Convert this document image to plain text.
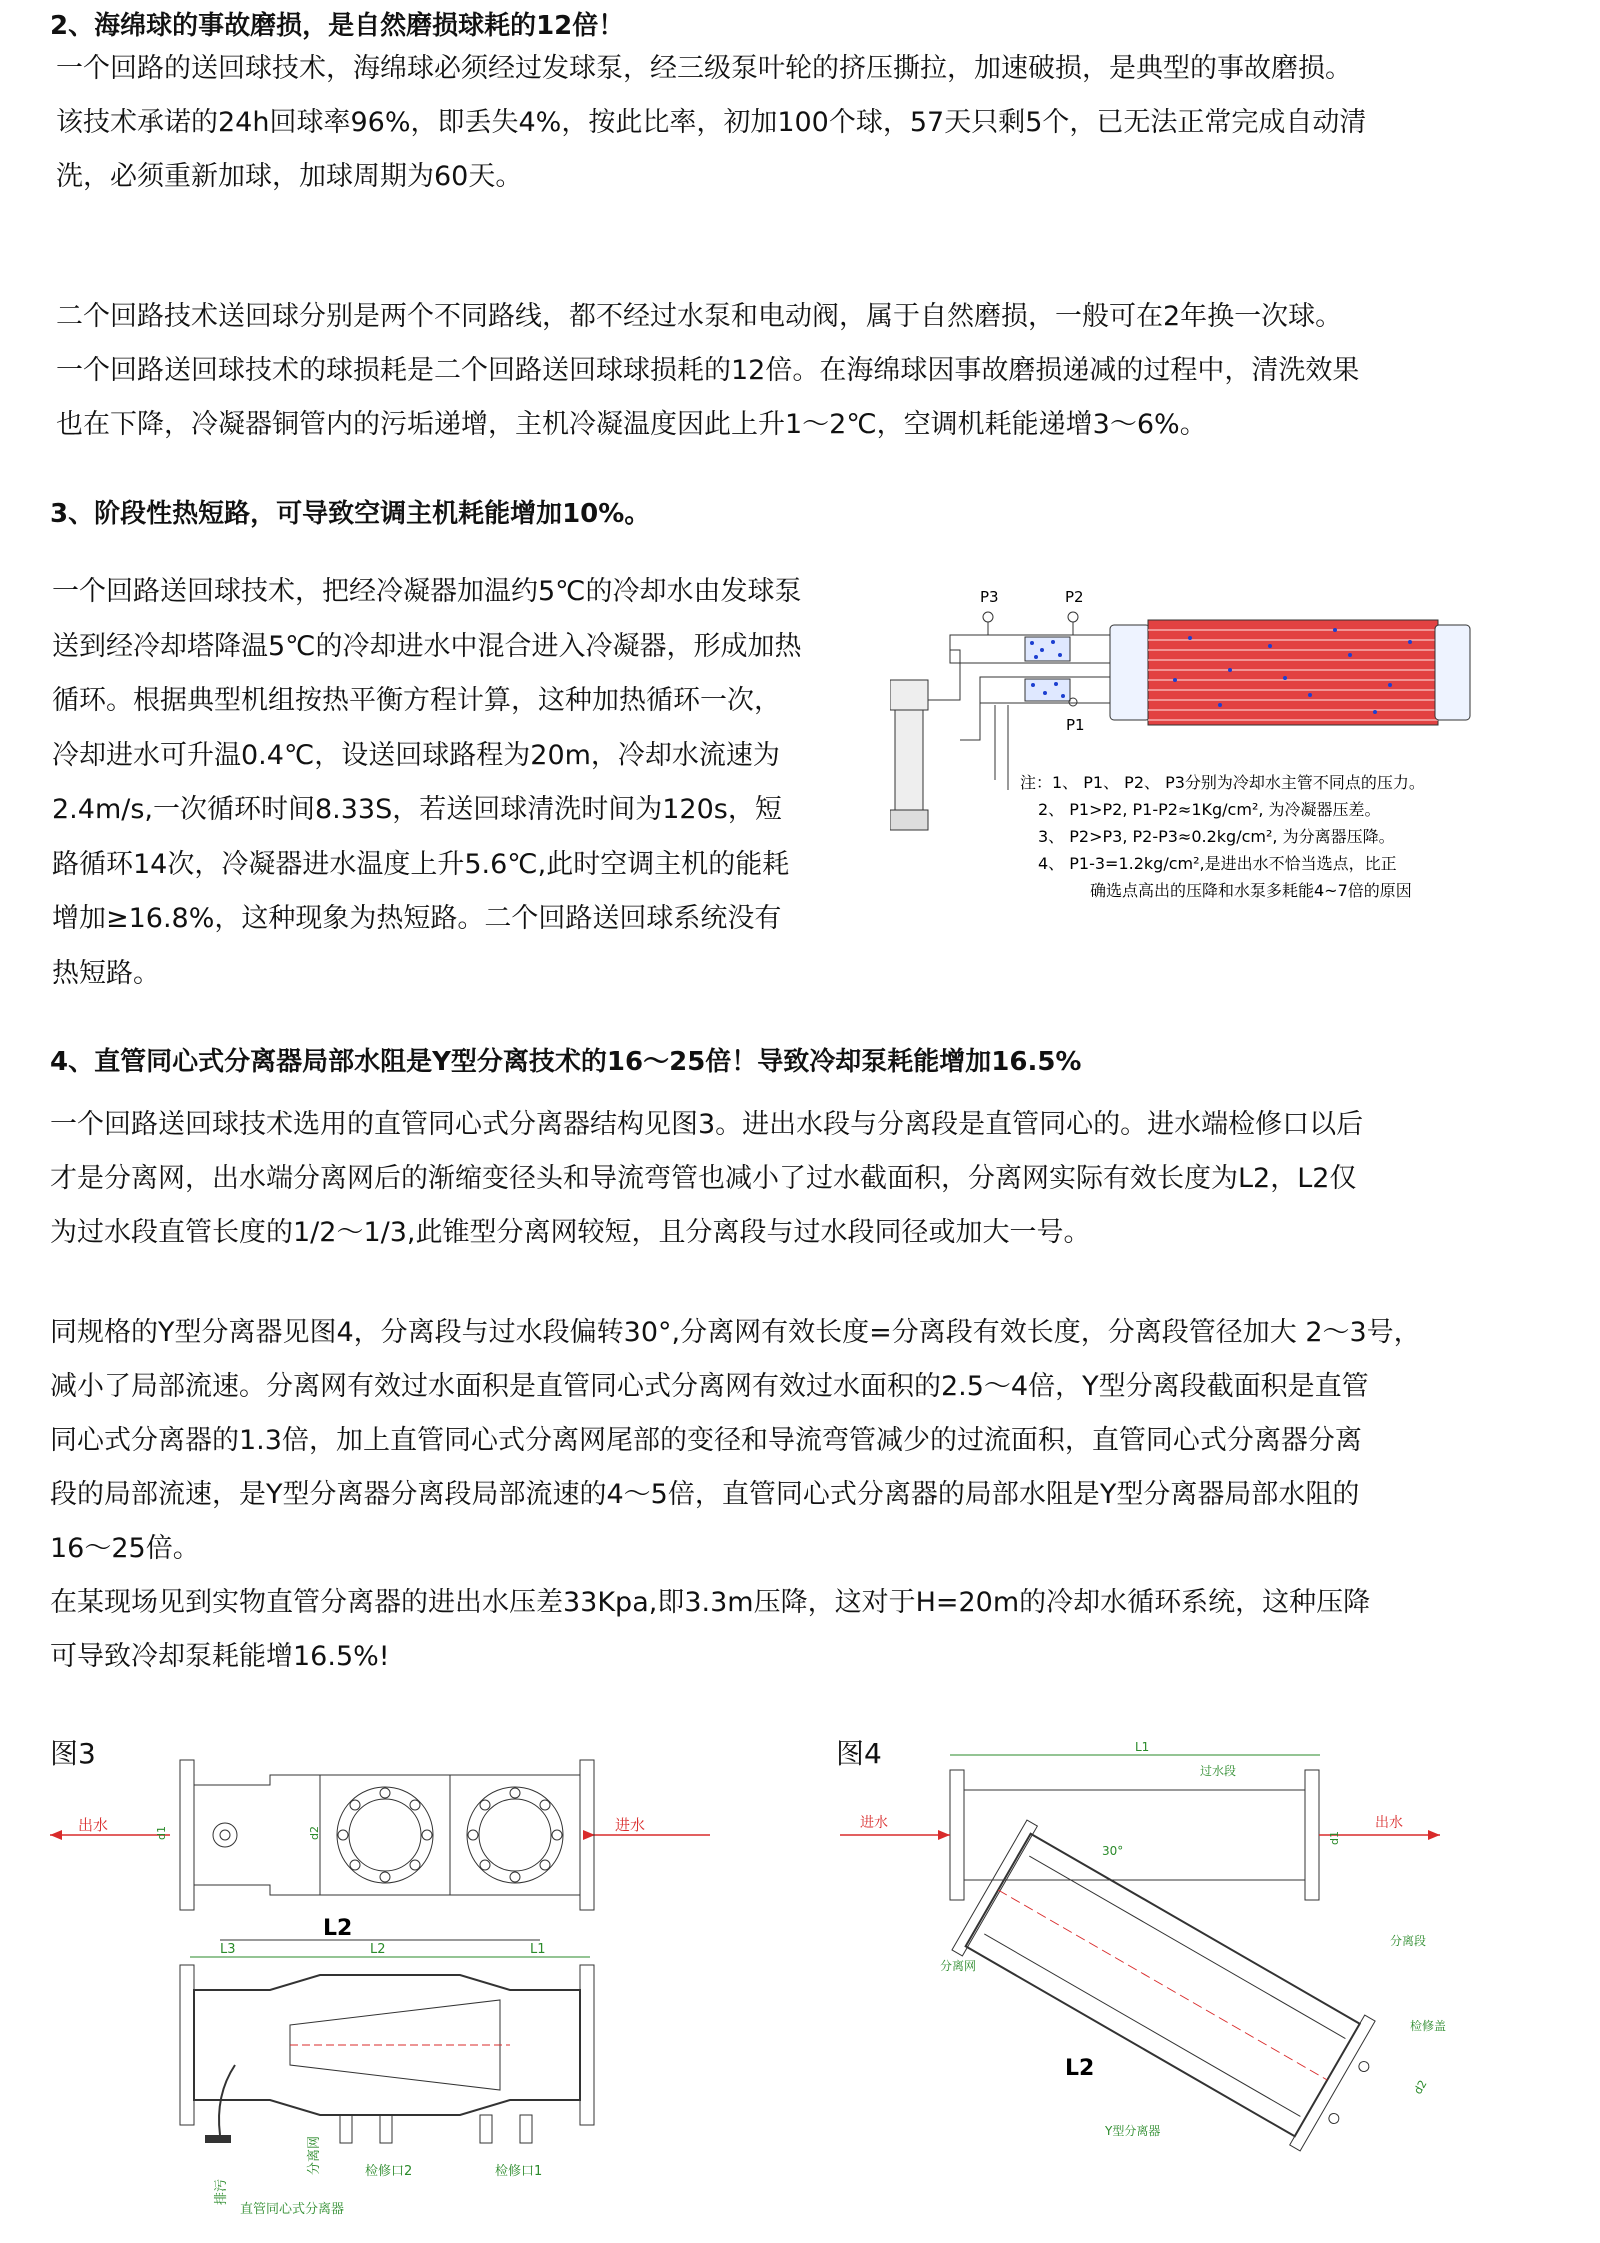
2、海绵球的事故磨损，是自然磨损球耗的12倍！
一个回路的送回球技术，海绵球必须经过发球泵，经三级泵叶轮的挤压撕拉，加速破损，是典型的事故磨损。
该技术承诺的24h回球率96%，即丢失4%，按此比率，初加100个球，57天只剩5个，已无法正常完成自动清
洗，必须重新加球，加球周期为60天。
二个回路技术送回球分别是两个不同路线，都不经过水泵和电动阀，属于自然磨损，一般可在2年换一次球。
一个回路送回球技术的球损耗是二个回路送回球球损耗的12倍。在海绵球因事故磨损递减的过程中，清洗效果
也在下降，冷凝器铜管内的污垢递增，主机冷凝温度因此上升1～2℃，空调机耗能递增3～6%。
3、阶段性热短路，可导致空调主机耗能增加10%。
一个回路送回球技术，把经冷凝器加温约5℃的冷却水由发球泵
送到经冷却塔降温5℃的冷却进水中混合进入冷凝器，形成加热
循环。根据典型机组按热平衡方程计算，这种加热循环一次，
冷却进水可升温0.4℃，设送回球路程为20m，冷却水流速为
2.4m/s,一次循环时间8.33S，若送回球清洗时间为120s，短
路循环14次，冷凝器进水温度上升5.6℃,此时空调主机的能耗
增加≥16.8%，这种现象为热短路。二个回路送回球系统没有
热短路。
P3	P2
P1
注：1、 P1、 P2、 P3分别为冷却水主管不同点的压力。
2、 P1>P2, P1-P2≈1Kg/cm², 为冷凝器压差。
3、 P2>P3, P2-P3≈0.2kg/cm², 为分离器压降。
4、 P1-3=1.2kg/cm²,是进出水不恰当选点，比正
确选点高出的压降和水泵多耗能4~7倍的原因
4、直管同心式分离器局部水阻是Y型分离技术的16～25倍！导致冷却泵耗能增加16.5%
一个回路送回球技术选用的直管同心式分离器结构见图3。进出水段与分离段是直管同心的。进水端检修口以后
才是分离网，出水端分离网后的渐缩变径头和导流弯管也减小了过水截面积，分离网实际有效长度为L2，L2仅
为过水段直管长度的1/2～1/3,此锥型分离网较短，且分离段与过水段同径或加大一号。
同规格的Y型分离器见图4，分离段与过水段偏转30°,分离网有效长度=分离段有效长度，分离段管径加大 2～3号，
减小了局部流速。分离网有效过水面积是直管同心式分离网有效过水面积的2.5～4倍，Y型分离段截面积是直管
同心式分离器的1.3倍，加上直管同心式分离网尾部的变径和导流弯管减少的过流面积，直管同心式分离器分离
段的局部流速，是Y型分离器分离段局部流速的4～5倍，直管同心式分离器的局部水阻是Y型分离器局部水阻的
16～25倍。
在某现场见到实物直管分离器的进出水压差33Kpa,即3.3m压降，这对于H=20m的冷却水循环系统，这种压降
可导致冷却泵耗能增16.5%!
图3
出水	进水
d1	d2
L2
L3	L2	L1
排污
分离网	检修口2	检修口1
直管同心式分离器
图4	L1
过水段
进水	出水
30°
d1
分离段
分离网
检修盖
d2
L2
Y型分离器
